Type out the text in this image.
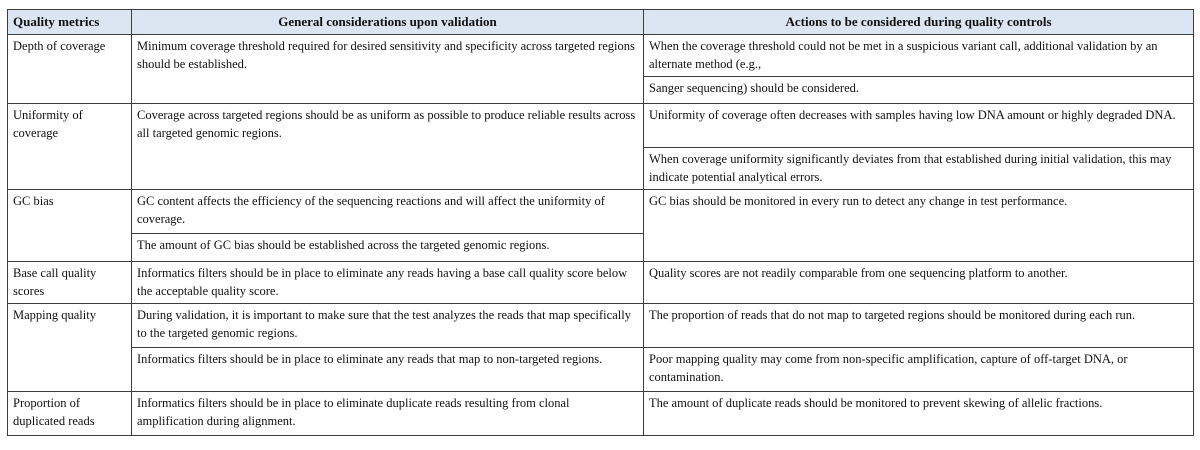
Quality metrics	General considerations upon validation	Actions to be considered during quality controls
Depth of coverage	Minimum coverage threshold required for desired sensitivity and specificity across targeted regions should be established.	When the coverage threshold could not be met in a suspicious variant call, additional validation by an alternate method (e.g.,
		Sanger sequencing) should be considered.
Uniformity of coverage	Coverage across targeted regions should be as uniform as possible to produce reliable results across all targeted genomic regions.	Uniformity of coverage often decreases with samples having low DNA amount or highly degraded DNA.
		When coverage uniformity significantly deviates from that established during initial validation, this may indicate potential analytical errors.
GC bias	GC content affects the efficiency of the sequencing reactions and will affect the uniformity of coverage.	GC bias should be monitored in every run to detect any change in test performance.
	The amount of GC bias should be established across the targeted genomic regions.	
Base call quality scores	Informatics filters should be in place to eliminate any reads having a base call quality score below the acceptable quality score.	Quality scores are not readily comparable from one sequencing platform to another.
Mapping quality	During validation, it is important to make sure that the test analyzes the reads that map specifically to the targeted genomic regions.	The proportion of reads that do not map to targeted regions should be monitored during each run.
	Informatics filters should be in place to eliminate any reads that map to non-targeted regions.	Poor mapping quality may come from non-specific amplification, capture of off-target DNA, or contamination.
Proportion of duplicated reads	Informatics filters should be in place to eliminate duplicate reads resulting from clonal amplification during alignment.	The amount of duplicate reads should be monitored to prevent skewing of allelic fractions.
